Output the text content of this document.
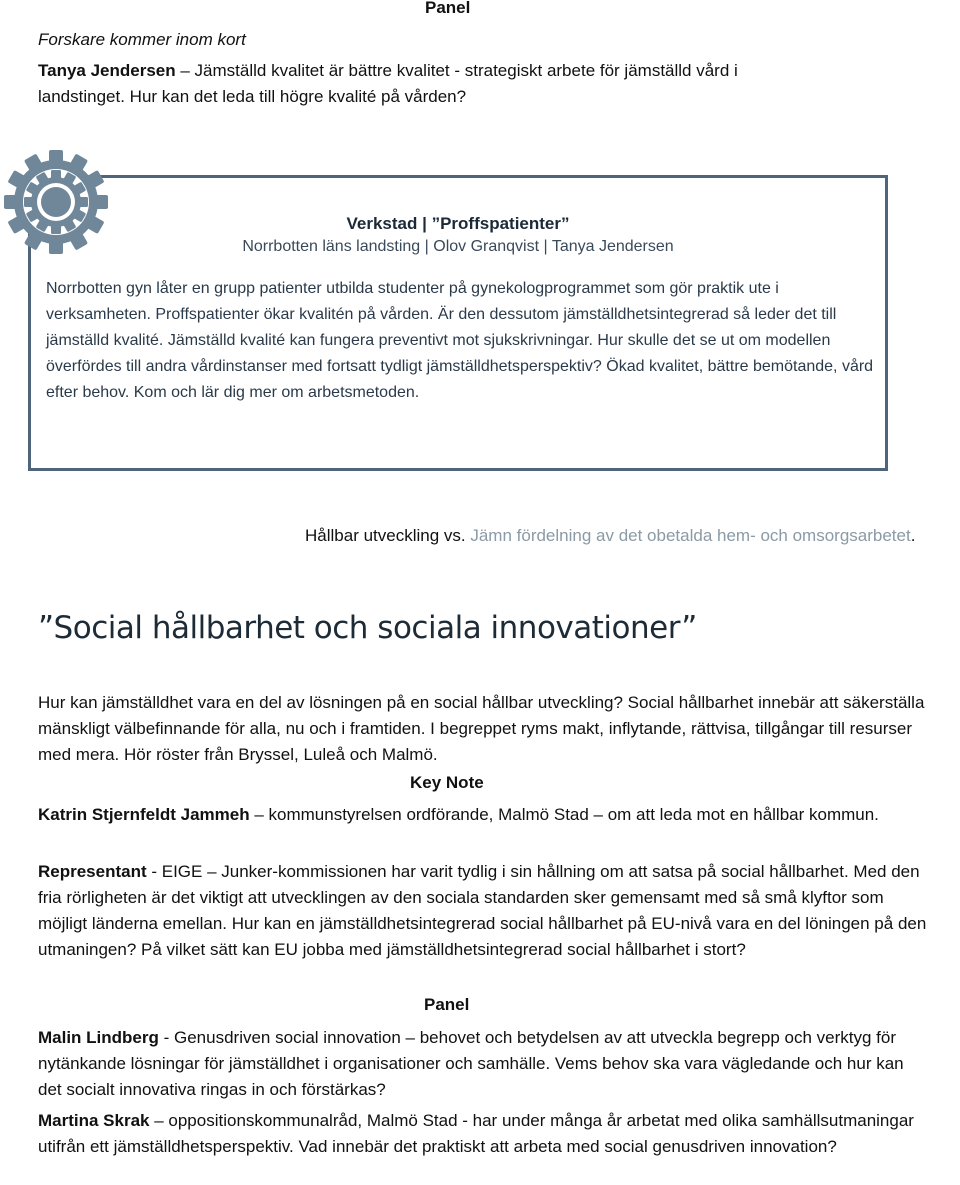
Panel
Forskare kommer inom kort
Tanya Jendersen – Jämställd kvalitet är bättre kvalitet - strategiskt arbete för jämställd vård i
landstinget. Hur kan det leda till högre kvalité på vården?
Verkstad | ”Proffspatienter”
Norrbotten läns landsting | Olov Granqvist | Tanya Jendersen
Norrbotten gyn låter en grupp patienter utbilda studenter på gynekologprogrammet som gör praktik ute i verksamheten. Proffspatienter ökar kvalitén på vården. Är den dessutom jämställdhetsintegrerad så leder det till jämställd kvalité. Jämställd kvalité kan fungera preventivt mot sjukskrivningar. Hur skulle det se ut om modellen överfördes till andra vårdinstanser med fortsatt tydligt jämställdhetsperspektiv? Ökad kvalitet, bättre bemötande, vård efter behov. Kom och lär dig mer om arbetsmetoden.
Hållbar utveckling vs. Jämn fördelning av det obetalda hem- och omsorgsarbetet.
”Social hållbarhet och sociala innovationer”
Hur kan jämställdhet vara en del av lösningen på en social hållbar utveckling? Social hållbarhet innebär att säkerställa mänskligt välbefinnande för alla, nu och i framtiden. I begreppet ryms makt, inflytande, rättvisa, tillgångar till resurser med mera. Hör röster från Bryssel, Luleå och Malmö.
Key Note
Katrin Stjernfeldt Jammeh – kommunstyrelsen ordförande, Malmö Stad – om att leda mot en hållbar kommun.
Representant - EIGE – Junker-kommissionen har varit tydlig i sin hållning om att satsa på social hållbarhet. Med den fria rörligheten är det viktigt att utvecklingen av den sociala standarden sker gemensamt med så små klyftor som möjligt länderna emellan. Hur kan en jämställdhetsintegrerad social hållbarhet på EU-nivå vara en del löningen på den utmaningen? På vilket sätt kan EU jobba med jämställdhetsintegrerad social hållbarhet i stort?
Panel
Malin Lindberg - Genusdriven social innovation – behovet och betydelsen av att utveckla begrepp och verktyg för nytänkande lösningar för jämställdhet i organisationer och samhälle. Vems behov ska vara vägledande och hur kan det socialt innovativa ringas in och förstärkas?
Martina Skrak – oppositionskommunalråd, Malmö Stad - har under många år arbetat med olika samhällsutmaningar utifrån ett jämställdhetsperspektiv. Vad innebär det praktiskt att arbeta med social genusdriven innovation?
